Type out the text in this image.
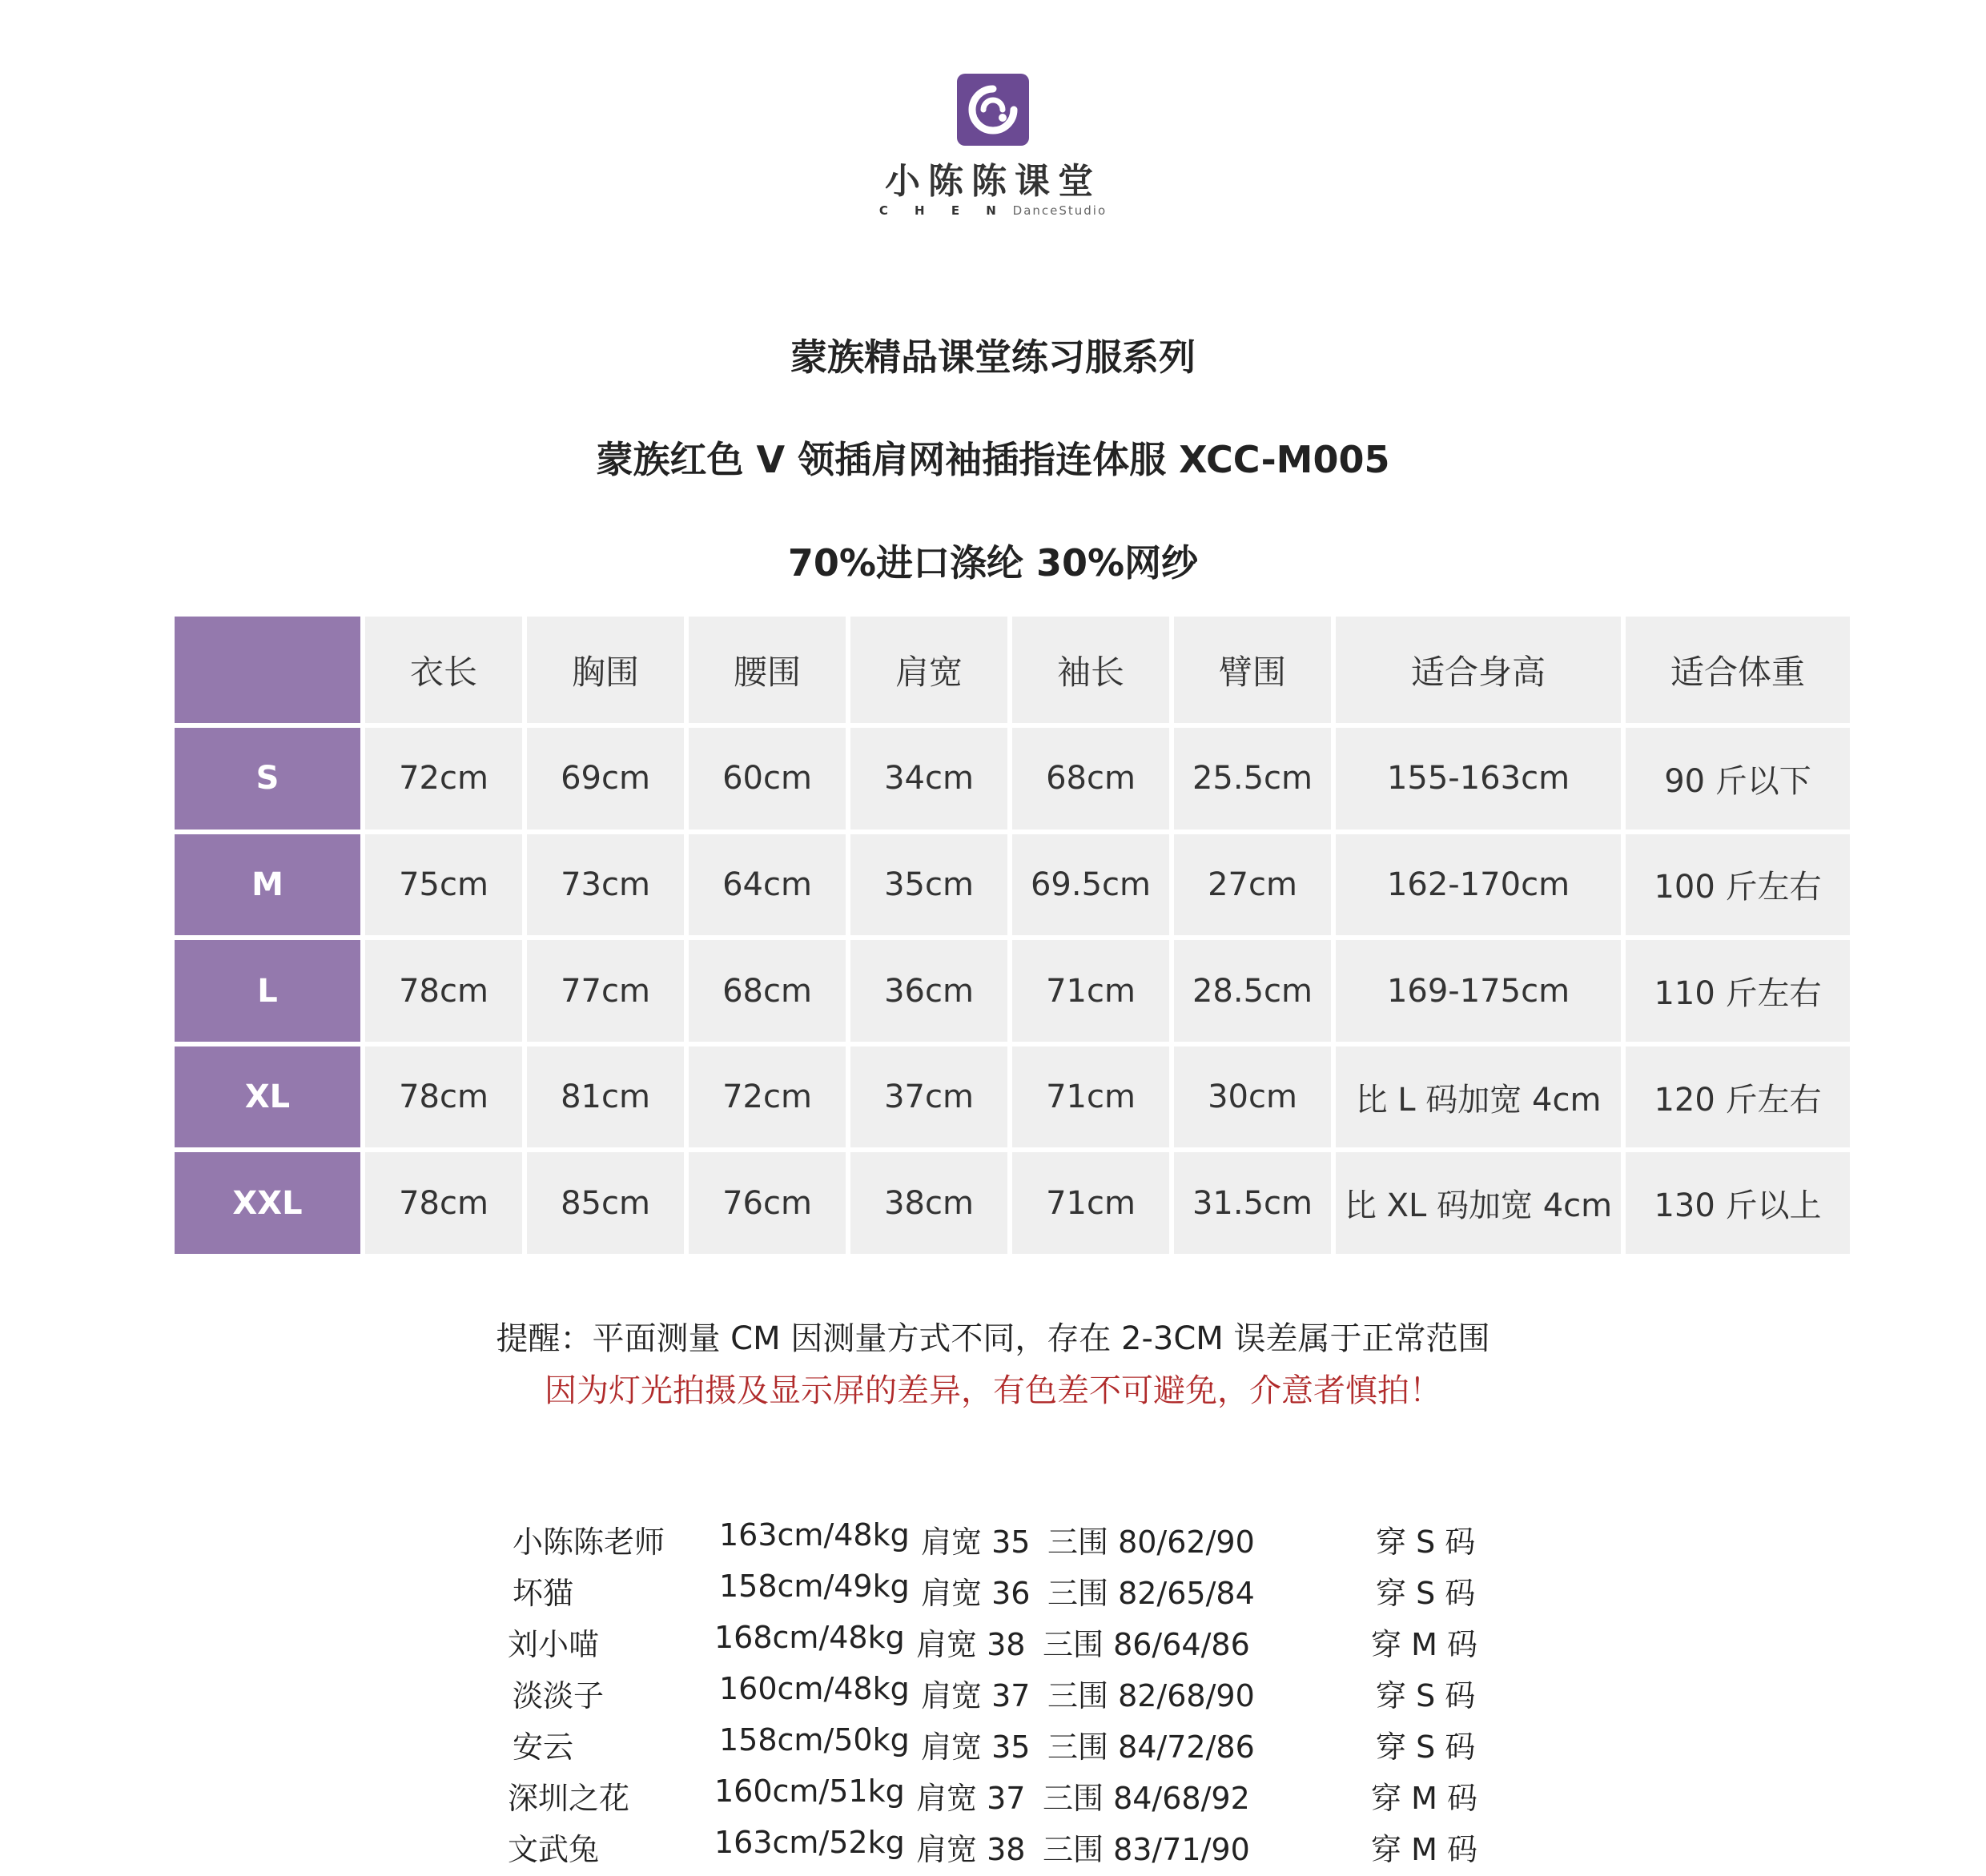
小陈陈课堂
C H E N DanceStudio
蒙族精品课堂练习服系列
蒙族红色 V 领插肩网袖插指连体服 XCC-M005
70%进口涤纶 30%网纱
	衣长	胸围	腰围	肩宽	袖长	臂围	适合身高	适合体重
S	72cm	69cm	60cm	34cm	68cm	25.5cm	155-163cm	90 斤以下
M	75cm	73cm	64cm	35cm	69.5cm	27cm	162-170cm	100 斤左右
L	78cm	77cm	68cm	36cm	71cm	28.5cm	169-175cm	110 斤左右
XL	78cm	81cm	72cm	37cm	71cm	30cm	比 L 码加宽 4cm	120 斤左右
XXL	78cm	85cm	76cm	38cm	71cm	31.5cm	比 XL 码加宽 4cm	130 斤以上
提醒：平面测量 CM 因测量方式不同，存在 2-3CM 误差属于正常范围
因为灯光拍摄及显示屏的差异，有色差不可避免，介意者慎拍！
小陈陈老师 163cm/48kg 肩宽 35 三围 80/62/90	穿 S 码
坏猫	158cm/49kg 肩宽 36 三围 82/65/84	穿 S 码
刘小喵	168cm/48kg 肩宽 38 三围 86/64/86	穿 M 码
淡淡子	160cm/48kg 肩宽 37 三围 82/68/90	穿 S 码
安云	158cm/50kg 肩宽 35 三围 84/72/86	穿 S 码
深圳之花	160cm/51kg 肩宽 37 三围 84/68/92	穿 M 码
文武兔	163cm/52kg 肩宽 38 三围 83/71/90	穿 M 码
